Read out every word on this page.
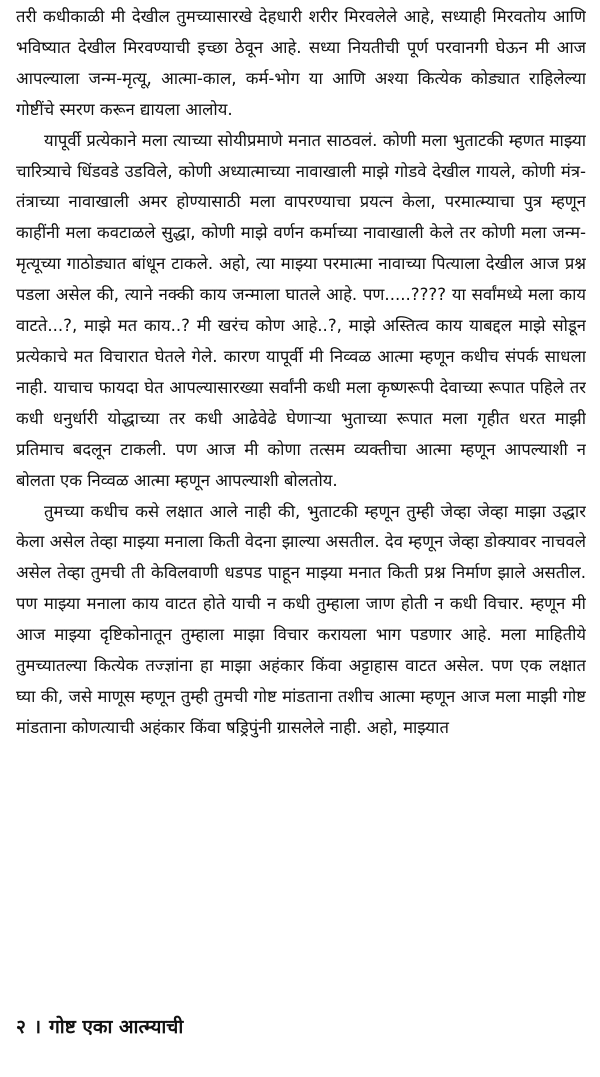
तरी कधीकाळी मी देखील तुमच्यासारखे देहधारी शरीर मिरवलेले आहे, सध्याही मिरवतोय आणि भविष्यात देखील मिरवण्याची इच्छा ठेवून आहे. सध्या नियतीची पूर्ण परवानगी घेऊन मी आज आपल्याला जन्म-मृत्यू, आत्मा-काल, कर्म-भोग या आणि अश्या कित्येक कोड्यात राहिलेल्या गोष्टींचे स्मरण करून द्यायला आलोय.

यापूर्वी प्रत्येकाने मला त्याच्या सोयीप्रमाणे मनात साठवलं. कोणी मला भुताटकी म्हणत माझ्या चारित्र्याचे धिंडवडे उडविले, कोणी अध्यात्माच्या नावाखाली माझे गोडवे देखील गायले, कोणी मंत्र-तंत्राच्या नावाखाली अमर होण्यासाठी मला वापरण्याचा प्रयत्न केला, परमात्म्याचा पुत्र म्हणून काहींनी मला कवटाळले सुद्धा, कोणी माझे वर्णन कर्माच्या नावाखाली केले तर कोणी मला जन्म-मृत्यूच्या गाठोड्यात बांधून टाकले. अहो, त्या माझ्या परमात्मा नावाच्या पित्याला देखील आज प्रश्न पडला असेल की, त्याने नक्की काय जन्माला घातले आहे. पण.....???? या सर्वांमध्ये मला काय वाटते...?, माझे मत काय..? मी खरंच कोण आहे..?, माझे अस्तित्व काय याबद्दल माझे सोडून प्रत्येकाचे मत विचारात घेतले गेले. कारण यापूर्वी मी निव्वळ आत्मा म्हणून कधीच संपर्क साधला नाही. याचाच फायदा घेत आपल्यासारख्या सर्वांनी कधी मला कृष्णरूपी देवाच्या रूपात पहिले तर कधी धनुर्धारी योद्धाच्या तर कधी आढेवेढे घेणाऱ्या भुताच्या रूपात मला गृहीत धरत माझी प्रतिमाच बदलून टाकली. पण आज मी कोणा तत्सम व्यक्तीचा आत्मा म्हणून आपल्याशी न बोलता एक निव्वळ आत्मा म्हणून आपल्याशी बोलतोय.

तुमच्या कधीच कसे लक्षात आले नाही की, भुताटकी म्हणून तुम्ही जेव्हा जेव्हा माझा उद्धार केला असेल तेव्हा माझ्या मनाला किती वेदना झाल्या असतील. देव म्हणून जेव्हा डोक्यावर नाचवले असेल तेव्हा तुमची ती केविलवाणी धडपड पाहून माझ्या मनात किती प्रश्न निर्माण झाले असतील. पण माझ्या मनाला काय वाटत होते याची न कधी तुम्हाला जाण होती न कधी विचार. म्हणून मी आज माझ्या दृष्टिकोनातून तुम्हाला माझा विचार करायला भाग पडणार आहे. मला माहितीये तुमच्यातल्या कित्येक तज्ज्ञांना हा माझा अहंकार किंवा अट्टाहास वाटत असेल. पण एक लक्षात घ्या की, जसे माणूस म्हणून तुम्ही तुमची गोष्ट मांडताना तशीच आत्मा म्हणून आज मला माझी गोष्ट मांडताना कोणत्याची अहंकार किंवा षड्रिपुंनी ग्रासलेले नाही. अहो, माझ्यात

२ । गोष्ट एका आत्म्याची
